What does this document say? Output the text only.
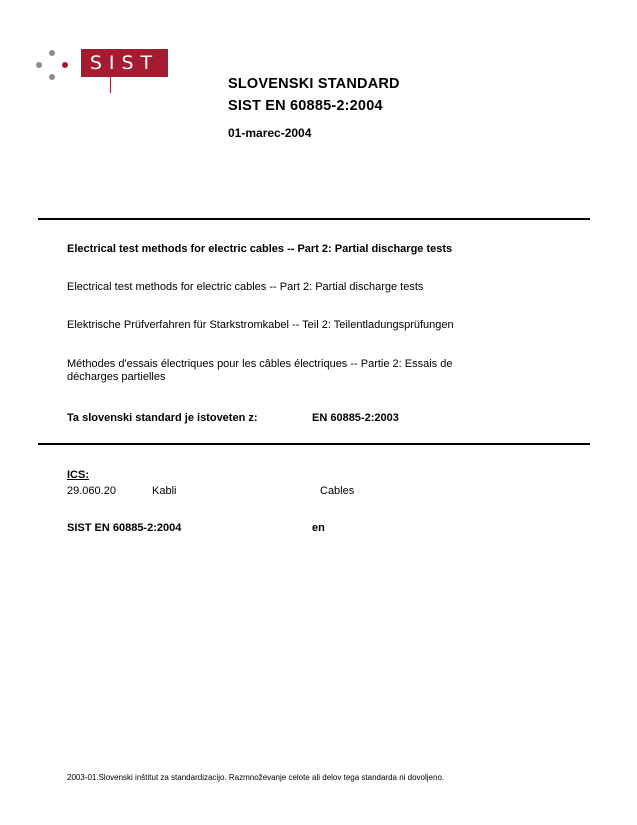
SIST
SLOVENSKI STANDARD
SIST EN 60885-2:2004
01-marec-2004
Electrical test methods for electric cables -- Part 2: Partial discharge tests
Electrical test methods for electric cables -- Part 2: Partial discharge tests
Elektrische Prüfverfahren für Starkstromkabel -- Teil 2: Teilentladungsprüfungen
Méthodes d'essais électriques pour les câbles électriques -- Partie 2: Essais de
décharges partielles
Ta slovenski standard je istoveten z:	EN 60885-2:2003
ICS:
29.060.20	Kabli	Cables
SIST EN 60885-2:2004	en
2003-01.Slovenski inštitut za standardizacijo. Razmnoževanje celote ali delov tega standarda ni dovoljeno.
